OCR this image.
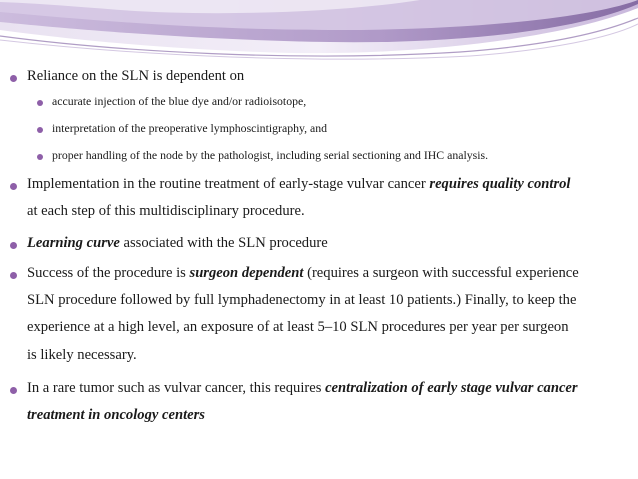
Reliance on the SLN is dependent on
accurate injection of the blue dye and/or radioisotope,
interpretation of the preoperative lymphoscintigraphy, and
proper handling of the node by the pathologist, including serial sectioning and IHC analysis.
Implementation in the routine treatment of early-stage vulvar cancer requires quality control
at each step of this multidisciplinary procedure.
Learning curve associated with the SLN procedure
Success of the procedure is surgeon dependent (requires a surgeon with successful experience
SLN procedure followed by full lymphadenectomy in at least 10 patients.) Finally, to keep the
experience at a high level, an exposure of at least 5–10 SLN procedures per year per surgeon
is likely necessary.
In a rare tumor such as vulvar cancer, this requires centralization of early stage vulvar cancer
treatment in oncology centers
